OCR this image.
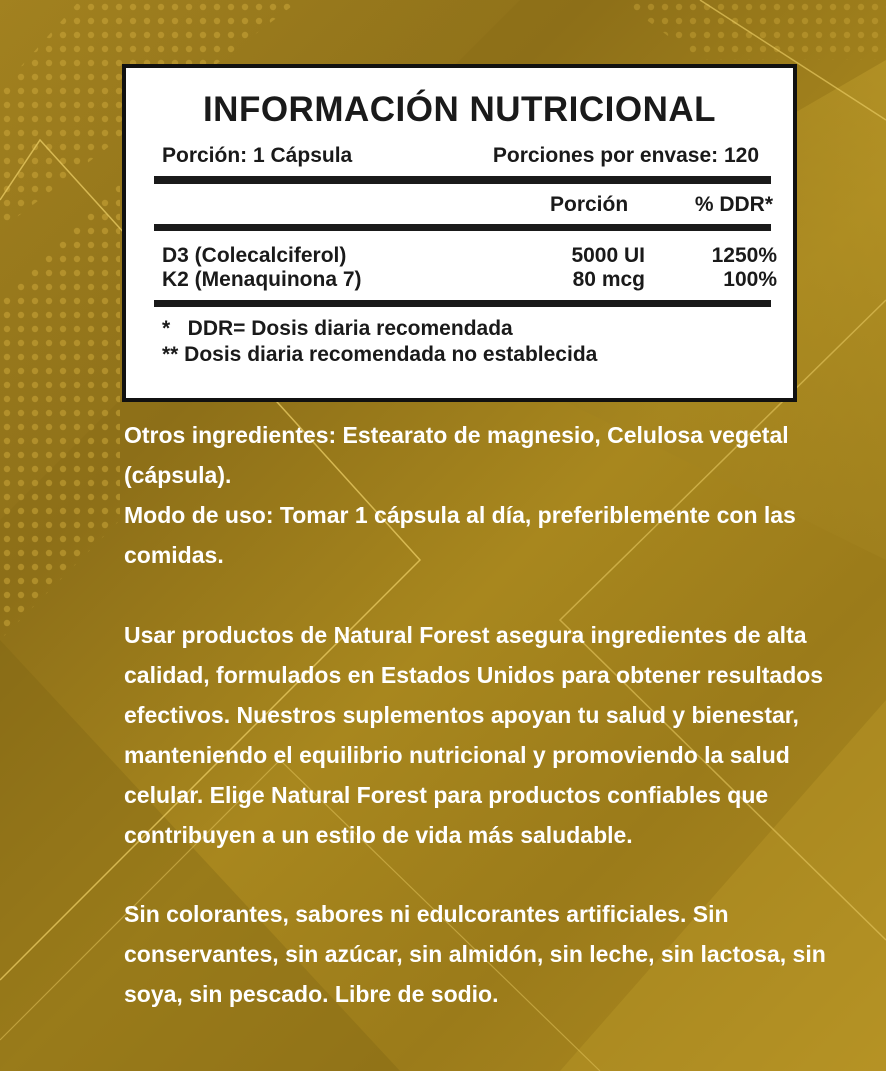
INFORMACIÓN NUTRICIONAL
Porción: 1 Cápsula	Porciones por envase: 120
Porción	% DDR*
D3 (Colecalciferol)	5000 UI	1250%
K2 (Menaquinona 7)	80 mcg	100%
*   DDR= Dosis diaria recomendada
** Dosis diaria recomendada no establecida

Otros ingredientes: Estearato de magnesio, Celulosa vegetal

(cápsula).

Modo de uso: Tomar 1 cápsula al día, preferiblemente con las

comidas.

Usar productos de Natural Forest asegura ingredientes de alta

calidad, formulados en Estados Unidos para obtener resultados

efectivos. Nuestros suplementos apoyan tu salud y bienestar,

manteniendo el equilibrio nutricional y promoviendo la salud

celular. Elige Natural Forest para productos confiables que

contribuyen a un estilo de vida más saludable.

Sin colorantes, sabores ni edulcorantes artificiales. Sin

conservantes, sin azúcar, sin almidón, sin leche, sin lactosa, sin

soya, sin pescado. Libre de sodio.
